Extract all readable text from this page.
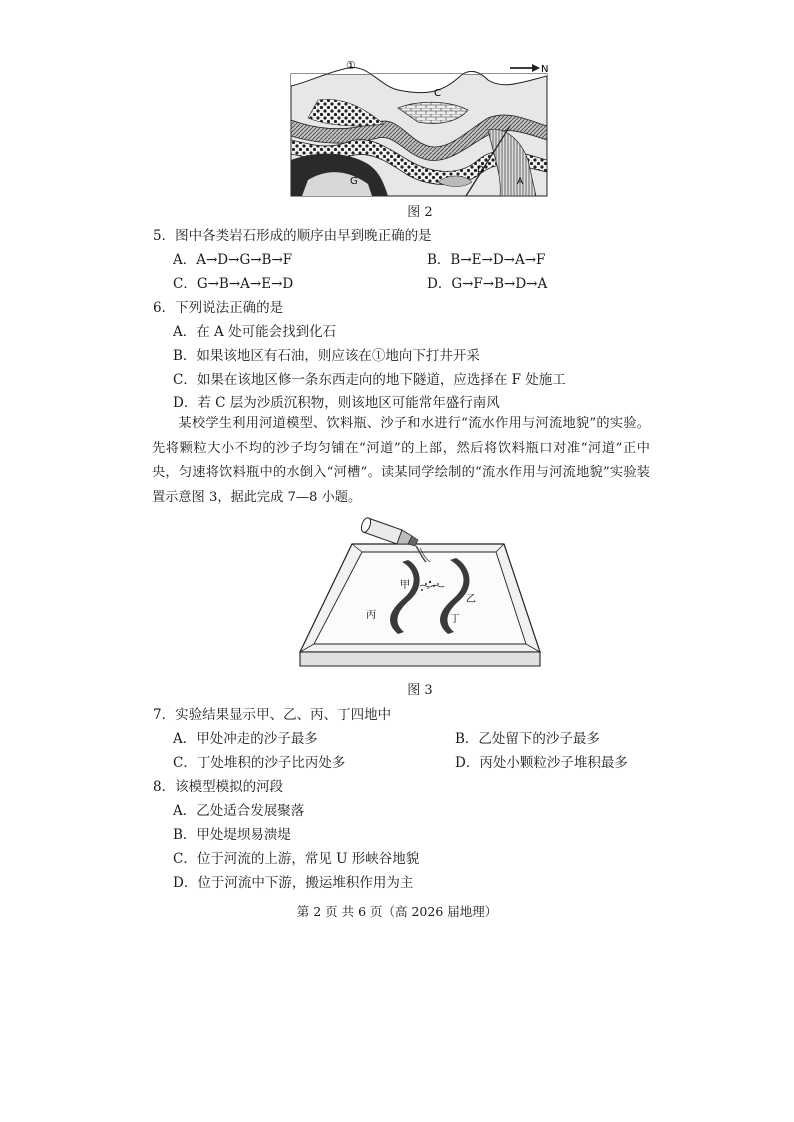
N
①
C
G
D
A
图 2
5．图中各类岩石形成的顺序由早到晚正确的是
A．A→D→G→B→F	B．B→E→D→A→F
C．G→B→A→E→D	D．G→F→B→D→A
6．下列说法正确的是
A．在 A 处可能会找到化石
B．如果该地区有石油，则应该在①地向下打井开采
C．如果在该地区修一条东西走向的地下隧道，应选择在 F 处施工
D．若 C 层为沙质沉积物，则该地区可能常年盛行南风
某校学生利用河道模型、饮料瓶、沙子和水进行“流水作用与河流地貌”的实验。先将颗粒大小不均的沙子均匀铺在“河道”的上部，然后将饮料瓶口对准“河道”正中央，匀速将饮料瓶中的水倒入“河槽”。读某同学绘制的“流水作用与河流地貌”实验装置示意图 3，据此完成 7—8 小题。
甲
乙
丙	丁
图 3
7．实验结果显示甲、乙、丙、丁四地中
A．甲处冲走的沙子最多	B．乙处留下的沙子最多
C．丁处堆积的沙子比丙处多	D．丙处小颗粒沙子堆积最多
8．该模型模拟的河段
A．乙处适合发展聚落
B．甲处堤坝易溃堤
C．位于河流的上游，常见 U 形峡谷地貌
D．位于河流中下游，搬运堆积作用为主
第 2 页 共 6 页（高 2026 届地理）
